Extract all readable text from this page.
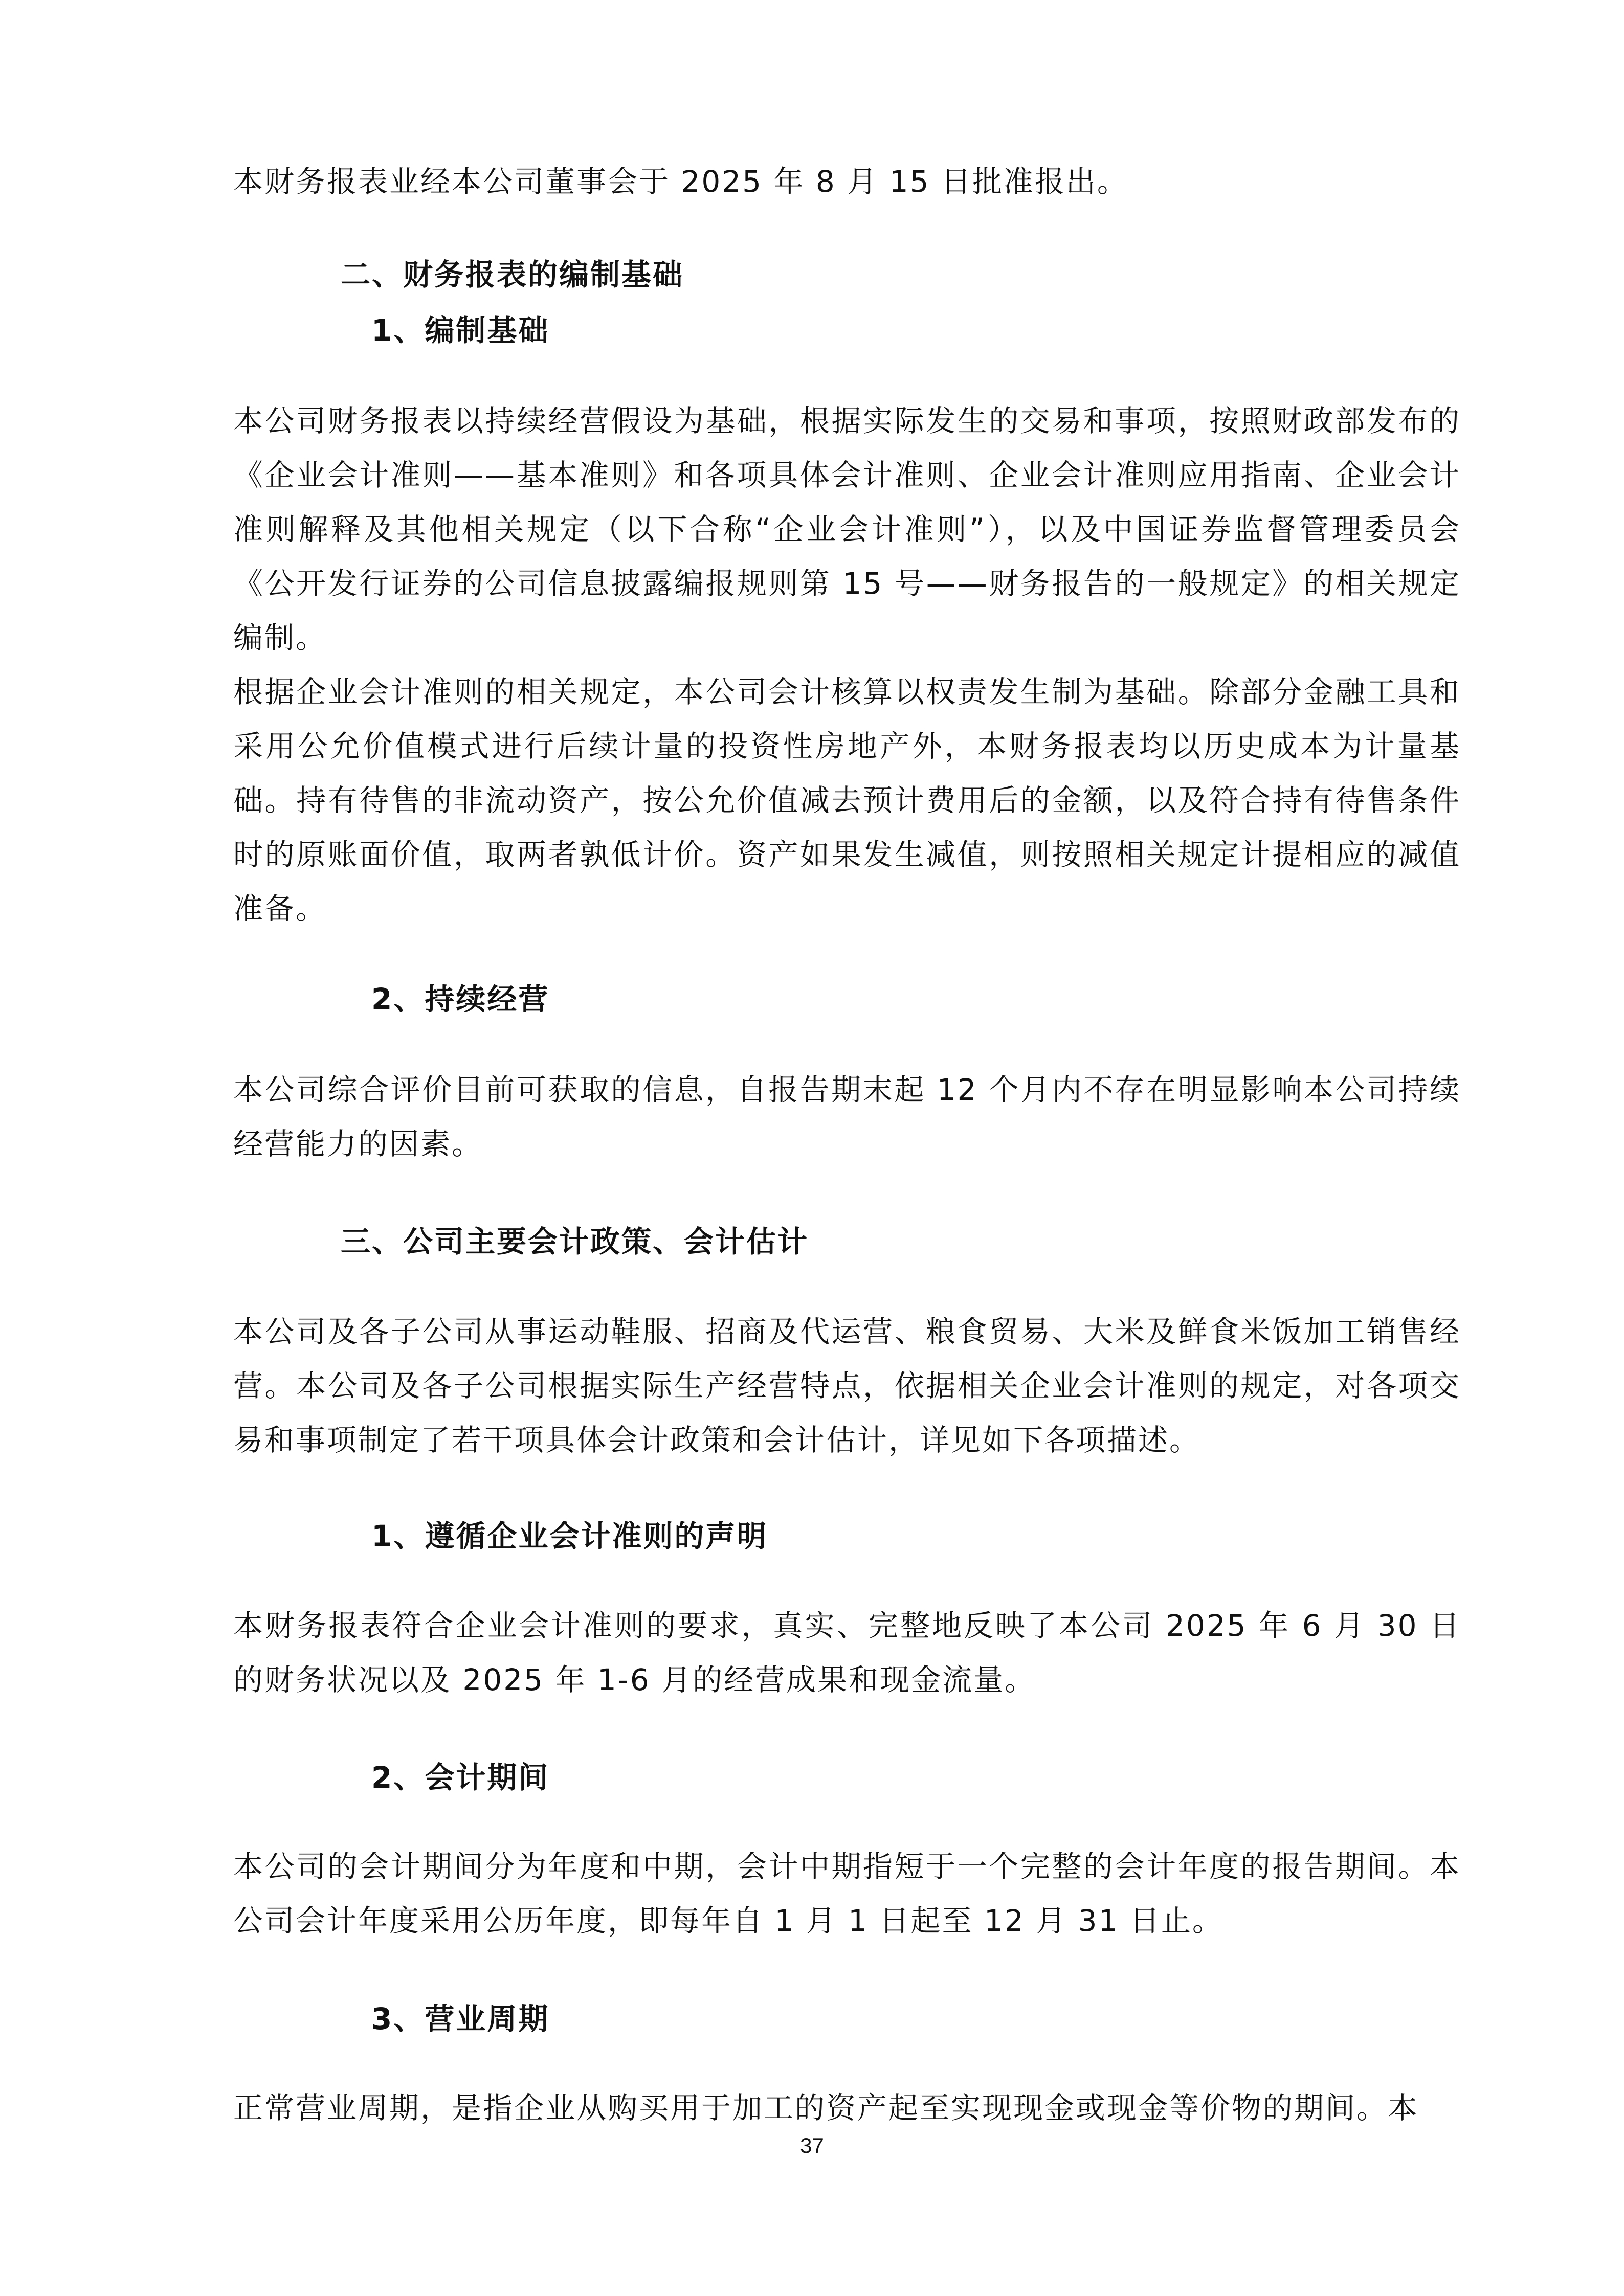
本财务报表业经本公司董事会于 2025 年 8 月 15 日批准报出。

二、财务报表的编制基础
1、编制基础

本公司财务报表以持续经营假设为基础，根据实际发生的交易和事项，按照财政部发布的《企业会计准则——基本准则》和各项具体会计准则、企业会计准则应用指南、企业会计准则解释及其他相关规定（以下合称“企业会计准则”），以及中国证券监督管理委员会《公开发行证券的公司信息披露编报规则第 15 号——财务报告的一般规定》的相关规定编制。

根据企业会计准则的相关规定，本公司会计核算以权责发生制为基础。除部分金融工具和采用公允价值模式进行后续计量的投资性房地产外，本财务报表均以历史成本为计量基础。持有待售的非流动资产，按公允价值减去预计费用后的金额，以及符合持有待售条件时的原账面价值，取两者孰低计价。资产如果发生减值，则按照相关规定计提相应的减值准备。

2、持续经营

本公司综合评价目前可获取的信息，自报告期末起 12 个月内不存在明显影响本公司持续经营能力的因素。

三、公司主要会计政策、会计估计

本公司及各子公司从事运动鞋服、招商及代运营、粮食贸易、大米及鲜食米饭加工销售经营。本公司及各子公司根据实际生产经营特点，依据相关企业会计准则的规定，对各项交易和事项制定了若干项具体会计政策和会计估计，详见如下各项描述。

1、遵循企业会计准则的声明

本财务报表符合企业会计准则的要求，真实、完整地反映了本公司 2025 年 6 月 30 日的财务状况以及 2025 年 1-6 月的经营成果和现金流量。

2、会计期间

本公司的会计期间分为年度和中期，会计中期指短于一个完整的会计年度的报告期间。本公司会计年度采用公历年度，即每年自 1 月 1 日起至 12 月 31 日止。

3、营业周期

正常营业周期，是指企业从购买用于加工的资产起至实现现金或现金等价物的期间。本

37
